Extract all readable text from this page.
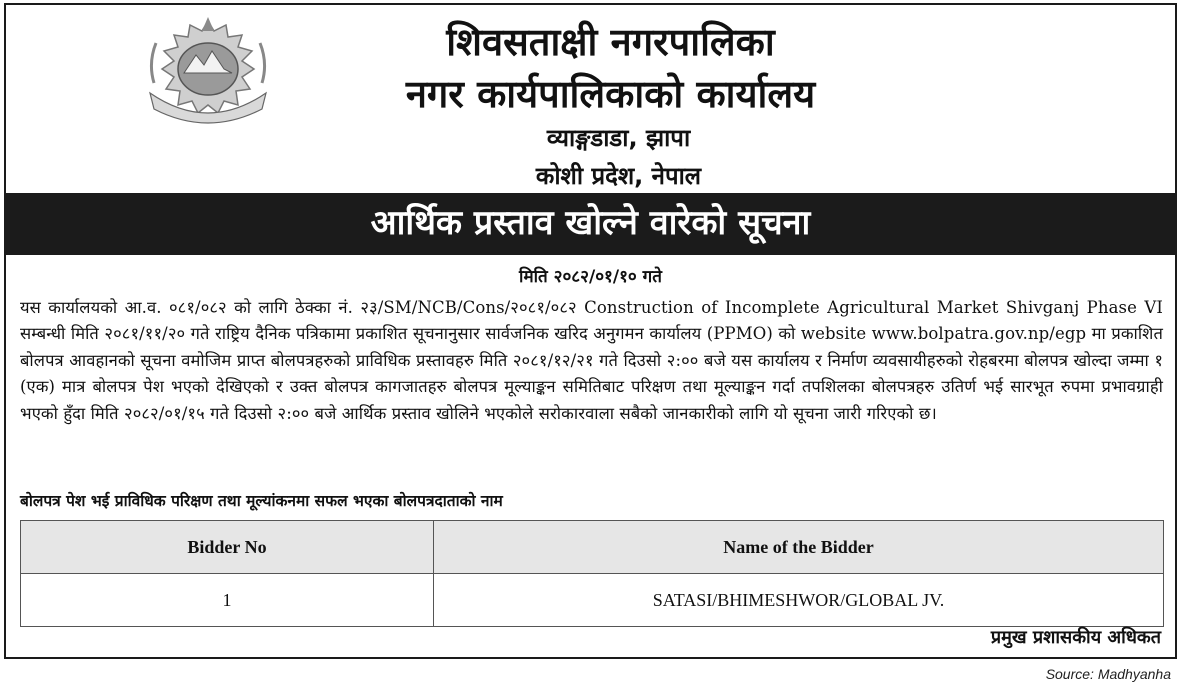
शिवसताक्षी नगरपालिका
नगर कार्यपालिकाको कार्यालय
व्याङ्गडाडा, झापा
कोशी प्रदेश, नेपाल
आर्थिक प्रस्ताव खोल्ने वारेको सूचना
मिति २०८२/०१/१० गते
यस कार्यालयको आ.व. ०८१/०८२ को लागि ठेक्का नं. २३/SM/NCB/Cons/२०८१/०८२ Construction of Incomplete Agricultural Market Shivganj Phase VI सम्बन्धी मिति २०८१/११/२० गते राष्ट्रिय दैनिक पत्रिकामा प्रकाशित सूचनानुसार सार्वजनिक खरिद अनुगमन कार्यालय (PPMO) को website www.bolpatra.gov.np/egp मा प्रकाशित बोलपत्र आवहानको सूचना वमोजिम प्राप्त बोलपत्रहरुको प्राविधिक प्रस्तावहरु मिति २०८१/१२/२१ गते दिउसो २:०० बजे यस कार्यालय र निर्माण व्यवसायीहरुको रोहबरमा बोलपत्र खोल्दा जम्मा १ (एक) मात्र बोलपत्र पेश भएको देखिएको र उक्त बोलपत्र कागजातहरु बोलपत्र मूल्याङ्कन समितिबाट परिक्षण तथा मूल्याङ्कन गर्दा तपशिलका बोलपत्रहरु उतिर्ण भई सारभूत रुपमा प्रभावग्राही भएको हुँदा मिति २०८२/०१/१५ गते दिउसो २:०० बजे आर्थिक प्रस्ताव खोलिने भएकोले सरोकारवाला सबैको जानकारीको लागि यो सूचना जारी गरिएको छ।
बोलपत्र पेश भई प्राविधिक परिक्षण तथा मूल्यांकनमा सफल भएका बोलपत्रदाताको नाम
Bidder No	Name of the Bidder
1	SATASI/BHIMESHWOR/GLOBAL JV.
प्रमुख प्रशासकीय अधिकत
Source: Madhyanha
